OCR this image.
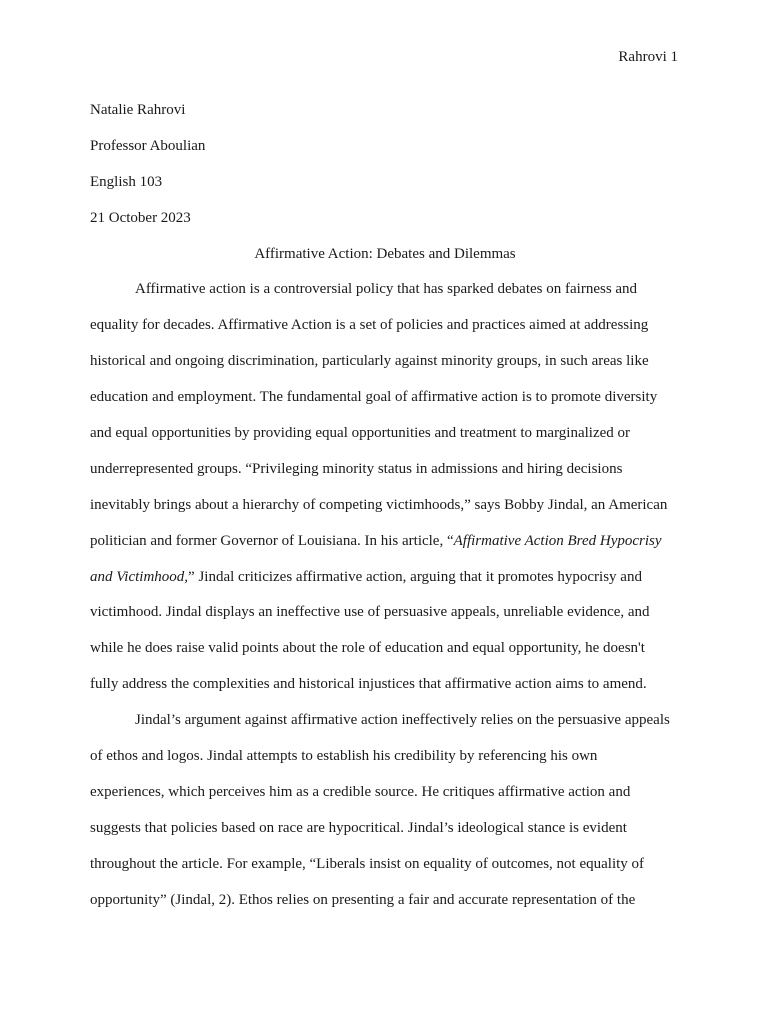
Rahrovi 1
Natalie Rahrovi
Professor Aboulian
English 103
21 October 2023
Affirmative Action: Debates and Dilemmas
Affirmative action is a controversial policy that has sparked debates on fairness and
equality for decades. Affirmative Action is a set of policies and practices aimed at addressing
historical and ongoing discrimination, particularly against minority groups, in such areas like
education and employment. The fundamental goal of affirmative action is to promote diversity
and equal opportunities by providing equal opportunities and treatment to marginalized or
underrepresented groups. “Privileging minority status in admissions and hiring decisions
inevitably brings about a hierarchy of competing victimhoods,” says Bobby Jindal, an American
politician and former Governor of Louisiana. In his article, “Affirmative Action Bred Hypocrisy
and Victimhood,” Jindal criticizes affirmative action, arguing that it promotes hypocrisy and
victimhood. Jindal displays an ineffective use of persuasive appeals, unreliable evidence, and
while he does raise valid points about the role of education and equal opportunity, he doesn't
fully address the complexities and historical injustices that affirmative action aims to amend.
Jindal’s argument against affirmative action ineffectively relies on the persuasive appeals
of ethos and logos. Jindal attempts to establish his credibility by referencing his own
experiences, which perceives him as a credible source. He critiques affirmative action and
suggests that policies based on race are hypocritical. Jindal’s ideological stance is evident
throughout the article. For example, “Liberals insist on equality of outcomes, not equality of
opportunity” (Jindal, 2). Ethos relies on presenting a fair and accurate representation of the
